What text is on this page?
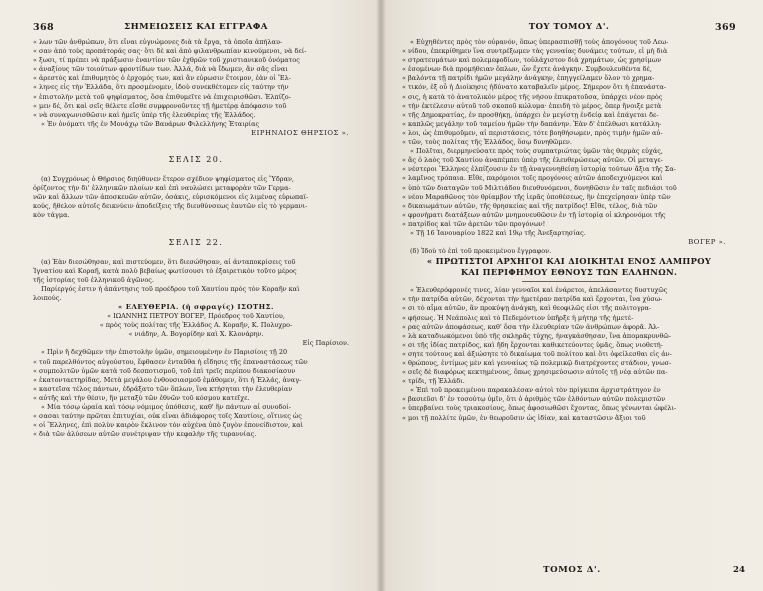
368	ΣΗΜΕΙΩΣΕΙΣ ΚΑΙ ΕΓΓΡΑΦΑ
« λων τῶν ἀνθρώπων, ὅτι εἶναι εὐγνώμονες διὰ τὰ ἔργα, τὰ ὁποῖα ἀπήλαυ-
« σαν ἀπὸ τοὺς προπάτοράς σας· ὅτι δὲ καὶ ἀπὸ φιλανθρωπίαν κινούμενοι, νὰ δεί-
« ξωσι, τί πρέπει νὰ πράξωσιν ἐναντίον τῶν ἐχθρῶν τοῦ χριστιανικοῦ ὀνόματος
« ἀναξίους τῶν τοιούτων φροντίδων των. Ἀλλά, διὰ νὰ ἴδωμεν, ἂν σᾶς εἶναι
« ἀρεστὸς καὶ ἐπιθυμητὸς ὁ ἐρχομός των, καὶ ἂν εὑρωσιν ἕτοιμον, ἐὰν οἱ Ἕλ-
« ληνες εἰς τὴν Ἑλλάδα, ὅτι προσμένομεν, ἰδοὺ συνεκθέτομεν εἰς ταύτην τὴν
« ἐπιστολὴν μετὰ τοῦ ψηφίσματος, ὅσα ἐπιθυμεῖτε νὰ ἐπιχειρισθῶσι. Ἐλπίζο-
« μεν δέ, ὅτι καὶ σεῖς θέλετε εἴσθε συμφρονοῦντες τῇ ἡμετέρᾳ ἀπόφασιν τοῦ
« νὰ συναγωνισθῶσιν καὶ ἡμεῖς ὑπὲρ τῆς ἐλευθερίας τῆς Ἑλλάδος.
« Ἐν ὀνόματι τῆς ἐν Μονάχῳ τῶν Βαυάρων Φιλελλήνης Ἑταιρίας
ΕΙΡΗΝΑΙΟΣ ΘΗΡΣΙΟΣ ».
ΣΕΛΙΣ 20.
(α) Συγχρόνως ὁ Θήρσιος διηύθυνεν ἕτερον σχέδιον ψηφίσματος εἰς Ὕδραν,
ὁρίζοντος τὴν δι' ἑλληνικῶν πλοίων καὶ ἐπὶ ναυλώσει μεταφορὰν τῶν Γερμα-
νῶν καὶ ἄλλων τῶν ἀποσκευῶν αὐτῶν, ὁσάκις, εὑρισκόμενοι εἰς λιμένας εὐρωπαϊ-
κούς, ἤθελον αὐτοῖς δεικνύειν ἀποδείξεις τῆς διευθύνσεως ἑαυτῶν εἰς τὸ γερμανι-
κὸν τάγμα.
ΣΕΛΙΣ 22.
(α) Ἐὰν διεσώθησαν, καὶ πιστεύομεν, ὅτι διεσώθησαν, αἱ ἀνταποκρίσεις τοῦ
Ἰγνατίου καὶ Κοραῆ, κατὰ πολὺ βεβαίως φωτίσουσι τὸ ἐξαιρετικὸν τοῦτο μέρος
τῆς ἱστορίας τοῦ ἑλληνικοῦ ἀγῶνος.
Παρίεργός ἐστιν ἡ ἀπάντησις τοῦ προέδρου τοῦ Χαυτίου πρὸς τὸν Κοραῆν καὶ
λοιπούς.
« ΕΛΕΥΘΕΡΙΑ. (ἡ σφραγίς) ΙΣΟΤΗΣ.
« ΙΩΑΝΝΗΣ ΠΕΤΡΟΥ ΒΟΓΕΡ, Πρόεδρος τοῦ Χαυτίου,
« πρὸς τοὺς πολίτας τῆς Ἑλλάδος Α. Κοραῆν, Κ. Πολυχρο-
« νιάδην, Α. Βογορίδην καὶ Χ. Κλονάρην.
Εἰς Παρίσιον.
« Πρὶν ἢ δεχθῶμεν τὴν ἐπιστολὴν ὑμῶν, σημειουμένην ἐν Παρισίοις τῇ 20
« τοῦ παρελθόντος αὐγούστου, ἔφθασεν ἐνταῦθα ἡ εἴδησις τῆς ἐπαναστάσεως τῶν
« συμπολιτῶν ὑμῶν κατὰ τοῦ δεσποτισμοῦ, τοῦ ἐπὶ τρεῖς περίπου διακοσίασυν
« ἑκατονταετηρίδας. Μετὰ μεγάλου ἐνθουσιασμοῦ ἐμάθομεν, ὅτι ἡ Ἑλλάς, ἀναγ-
« καστεῖσα τέλος πάντων, ἐδράξατο τῶν ὅπλων, ἵνα κτήσηται τὴν ἐλευθερίαν
« αὐτῆς καὶ τὴν θέσιν, ἣν μεταξὺ τῶν ἐθνῶν τοῦ κόσμου κατεῖχε.
« Μία τόσῳ ὡραία καὶ τόσῳ νόμιμος ὑπόθεσις, καθ' ἣν πάντων αἱ συνοδοί-
« σασαι ταύτην πρῶται ἐπιτυχίαι, οὐκ εἶναι ἀδιάφορος τοῖς Χαυτίοις, οἵτινες ὡς
« οἱ Ἕλληνες, ἐπὶ πολὺν καιρὸν ἔκλινον τὸν αὐχένα ὑπὸ ζυγὸν ἐπονείδιστον, καὶ
« διὰ τῶν ἀλύσεων αὐτῶν συνέτριψαν τὴν κεφαλὴν τῆς τυραννίας.
ΤΟΥ ΤΟΜΟΥ Δ'.	369
« Εὐχηθέντες πρὸς τὸν οὐρανόν, ὅπως ὑπερασπισθῇ τοὺς ἀπογόνους τοῦ Λεω-
« νίδου, ἐπεκρίθημεν ἵνα συντρέξωμεν τὰς γενναίας δυνάμεις τούτων, εἰ μὴ διὰ
« στρατευμάτων καὶ πολεμεφοδίων, τοὐλάχιστον διὰ χρημάτων, ὡς χρησίμων
« ἐσομένων διὰ προμήθειαν ὅπλων, ὧν ἔχετε ἀνάγκην. Συμβουλευθέντα δέ,
« βαλόντα τῇ πατρίδι ἡμῶν μεγάλην ἀνάγκην, ἐπηγγείλαμεν ὅλον τὸ χρημα-
« τικόν, ἐξ οὗ ἡ Διοίκησις ἠδύνατο καταβαλεῖν μέρος. Σήμερον ὅτι ἡ ἐπανάστα-
« σις, ἡ κατὰ τὸ ἀνατολικὸν μέρος τῆς νήσου ἐπικρατοῦσα, ὑπάρχει νέον πρὸς
« τὴν ἐκτέλεσιν αὐτοῦ τοῦ σκοποῦ κώλυμα· ἐπειδὴ τὸ μέρος, ὅπερ ἤνοιξε μετὰ
« τῆς Δημοκρατίας, ἐν προσθήκῃ, ὑπάρχει ἐν μεγίστῃ ἐνδείᾳ καὶ ἐπάγεται δε-
« καπλῶς μεγάλην τοῦ ταμείου ἡμῶν τὴν δαπάνην. Ἐὰν δ' ἐπέλθωσι κατάλλη-
« λοι, ὡς ἐπιθυμοῦμεν, αἱ περιστάσεις, τότε βοηθήσωμεν, πρὸς τιμὴν ἡμῶν αὐ-
« τῶν, τοὺς πολίτας τῆς Ἑλλάδος, ὅσῳ δυνηθῶμεν.
« Πολῖται, διερμηνεύσατε πρὸς τοὺς συμπατριώτας ὑμῶν τὰς θερμὰς εὐχάς,
« ἃς ὁ λαὸς τοῦ Χαυτίου ἀναπέμπει ὑπὲρ τῆς ἐλευθερώσεως αὐτῶν. Οἱ μεταγε-
« νέστεροι Ἕλληνες ἐλπίζουσιν ἐν τῇ ἀναγεννηθείσῃ ἱστορίᾳ τούτων ἄξια τῆς Σα-
« λαμῖνος τρόπαια. Εἴθε, παρόμοιοι τοῖς προγόνοις αὐτῶν ἀποδειχνύμενοι καὶ
« ὑπὸ τῶν διαταγῶν τοῦ Μιλτιάδου διευθυνόμενοι, δυνηθῶσιν ἐν ταῖς πεδιάσι τοῦ
« νέου Μαραθῶνος τὸν θρίαμβον τῆς ἱερᾶς ὑποθέσεως, ἣν ἐπεχείρησαν ὑπὲρ τῶν
« δικαιωμάτων αὐτῶν, τῆς θρησκείας καὶ τῆς πατρίδος! Εἴθε, τέλος, διὰ τῶν
« φρονήματι διατάξεων αὐτῶν μνημονευθῶσιν ἐν τῇ ἱστορίᾳ οἱ κληρονόμοι τῆς
« πατρίδος καὶ τῶν ἀρετῶν τῶν προγόνων!
« Τῇ 16 Ἰανουαρίου 1822 καὶ 19ῳ τῆς Ἀνεξαρτησίας.
ΒΟΓΕΡ ».
(δ) Ἰδοὺ τὸ ἐπὶ τοῦ προκειμένου ἔγγραφον.
« ΠΡΩΤΙΣΤΟΙ ΑΡΧΗΓΟΙ ΚΑΙ ΔΙΟΙΚΗΤΑΙ ΕΝΟΣ ΛΑΜΠΡΟΥ
ΚΑΙ ΠΕΡΙΦΗΜΟΥ ΕΘΝΟΥΣ ΤΩΝ ΕΛΛΗΝΩΝ.
« Ἐλευθερόφρονές τινες, λίαν γενναῖοι καὶ ἐνάρετοι, ἀπελάσαντες δυστυχῶς
« τὴν πατρίδα αὐτῶν, δέχονται τὴν ἡμετέραν πατρίδα καὶ ἔρχονται, ἵνα χύσω-
« σι τὸ αἷμα αὐτῶν, ἂν προκύψῃ ἀνάγκη, καὶ θεοφιλῶς εἰσι τῆς πολιτογρα-
« φήσεως. Ἡ Νεάπολις καὶ τὸ Πεδεμόντιον ὑπῆρξε ἡ μήτηρ τῆς ἡμετέ-
« ρας αὐτῶν ἀποφάσεως, καθ' ὅσα τὴν ἐλευθερίαν τῶν ἀνθρώπων ἀφορᾶ. Ἀλ-
« λὰ καταδιωκόμενοι ὑπὸ τῆς σκληρᾶς τύχης, ἠναγκάσθησαν, ἵνα ἀπομακρυνθῶ-
« σι τῆς ἰδίας πατρίδος, καὶ ἤδη ἔρχονται καθικετεύοντες ὑμᾶς, ὅπως νιοθετή-
« σητε τούτους καὶ ἀξιώσητε τὸ δικαίωμα τοῦ πολίτου καὶ ὅτι ὀφείλεσθαι εἰς ἀν-
« θρώπους, ἐντίμως μὲν καὶ γενναίως τῷ πολεμικῷ διατρέχοντες στάδιον, γνωσ-
« σεῖς δὲ διαφόρως κεκτημένους, ὅπως χρησιμεύσωσιν αὐτοῖς τῇ νέᾳ αὐτῶν πα-
« τρίδι, τῇ Ἑλλάδι.
« Ἐπὶ τοῦ προκειμένου παρακαλέσαν αὐτοὶ τὸν πρίγκιπα ἀρχιστράτηγον ἐν
« βασιεῦσι δ' ἐν τοσούτῳ ὑμῖν, ὅτι ὁ ἀριθμὸς τῶν ἐλθόντων αὐτῶν πολεμιστῶν
« ὑπερβαίνει τοὺς τριακοσίους, ὅπως ἀφοσιωθῶσι ἔχοντας, ὅπως γένωνται ὠφέλι-
« μοι τῇ πολλίτε ὑμῶν, ἐν θεωροῦσιν ὡς ἰδίαν, καὶ καταστῶσιν ἄξιοι τοῦ
ΤΟΜΟΣ Δ'.	24
